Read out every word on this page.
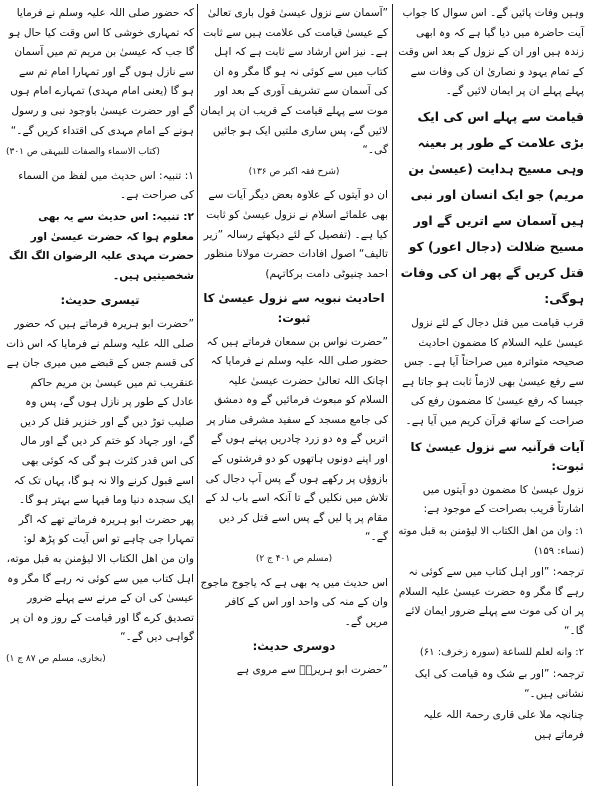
وہیں وفات پائیں گے۔ اس سوال کا جواب آیت حاضرہ میں دیا گیا ہے کہ وہ ابھی زندہ ہیں اور ان کے نزول کے بعد اس وقت کے تمام یہود و نصاریٰ ان کی وفات سے پہلے پہلے ان پر ایمان لائیں گے۔

قیامت سے پہلے اس کی ایک بڑی علامت کے طور پر بعینہ وہی مسیح ہدایت (عیسیٰ بن مریم) جو ایک انسان اور نبی ہیں آسمان سے اتریں گے اور مسیح ضلالت (دجال اعور) کو قتل کریں گے پھر ان کی وفات ہوگی:

قرب قیامت میں قتل دجال کے لئے نزول عیسیٰ علیہ السلام کا مضمون احادیث صحیحہ متواترہ میں صراحتاً آیا ہے۔ جس سے رفع عیسیٰ بھی لازماً ثابت ہو جاتا ہے جیسا کہ رفع عیسیٰ کا مضمون رفع کی صراحت کے ساتھ قرآن کریم میں آیا ہے۔

آیات قرآنیہ سے نزول عیسیٰ کا ثبوت:

نزول عیسیٰ کا مضمون دو آیتوں میں اشارتاً قریب بصراحت کے موجود ہے:

۱: وان من اهل الكتاب الا ليؤمنن به قبل موته (نساء: ۱۵۹)

ترجمہ: ”اور اہل کتاب میں سے کوئی نہ رہے گا مگر وہ حضرت عیسیٰ علیہ السلام پر ان کی موت سے پہلے ضرور ایمان لائے گا۔“

۲: وانه لعلم للساعة (سورہ زخرف: ۶۱)

ترجمہ: ”اور بے شک وہ قیامت کی ایک نشانی ہیں۔“

چنانچہ ملا علی قاری رحمۃ اللہ علیہ فرماتے ہیں

”آسمان سے نزول عیسیٰ قول باری تعالیٰ کے عیسیٰ قیامت کی علامت ہیں سے ثابت ہے۔ نیز اس ارشاد سے ثابت ہے کہ اہل کتاب میں سے کوئی نہ ہو گا مگر وہ ان کی آسمان سے تشریف آوری کے بعد اور موت سے پہلے قیامت کے قریب ان پر ایمان لائیں گے، پس ساری ملتیں ایک ہو جائیں گی۔“

(شرح فقہ اکبر ص ۱۳۶)

ان دو آیتوں کے علاوہ بعض دیگر آیات سے بھی علمائے اسلام نے نزول عیسیٰ کو ثابت کیا ہے۔ (تفصیل کے لئے دیکھئے رسالہ ”زیر تالیف“ اصول افادات حضرت مولانا منظور احمد چنیوٹی دامت برکاتہم)

احادیث نبویہ سے نزول عیسیٰ کا ثبوت:

”حضرت نواس بن سمعان فرماتے ہیں کہ حضور صلی اللہ علیہ وسلم نے فرمایا کہ اچانک اللہ تعالیٰ حضرت عیسیٰ علیہ السلام کو مبعوث فرمائیں گے وہ دمشق کی جامع مسجد کے سفید مشرقی منار پر اتریں گے وہ دو زرد چادریں پہنے ہوں گے اور اپنے دونوں ہاتھوں کو دو فرشتوں کے بازوؤں پر رکھے ہوں گے پس آپ دجال کی تلاش میں نکلیں گے تا آنکہ اسے باب لد کے مقام پر پا لیں گے پس اسے قتل کر دیں گے۔“

(مسلم ص ۴۰۱ ج ۲)

اس حدیث میں یہ بھی ہے کہ یاجوج ماجوج وان کے منہ کی واحد اور اس کے کافر مریں گے۔

دوسری حدیث:

”حضرت ابو ہریرہؓ سے مروی ہے

کہ حضور صلی اللہ علیہ وسلم نے فرمایا کہ تمہاری خوشی کا اس وقت کیا حال ہو گا جب کہ عیسیٰ بن مریم تم میں آسمان سے نازل ہوں گے اور تمہارا امام تم سے ہو گا (یعنی امام مہدی) تمہارے امام ہوں گے اور حضرت عیسیٰ باوجود نبی و رسول ہونے کے امام مہدی کی اقتداء کریں گے۔“

(کتاب الاسماء والصفات للبیہقی ص ۳۰۱)

۱: تنبیہ: اس حدیث میں لفظ من السماء کی صراحت ہے۔

۲: تنبیہ: اس حدیث سے یہ بھی معلوم ہوا کہ حضرت عیسیٰ اور حضرت مہدی علیہ الرضوان الگ الگ شخصیتیں ہیں۔

تیسری حدیث:

”حضرت ابو ہریرہ فرماتے ہیں کہ حضور صلی اللہ علیہ وسلم نے فرمایا کہ اس ذات کی قسم جس کے قبضے میں میری جان ہے عنقریب تم میں عیسیٰ بن مریم حاکم عادل کے طور پر نازل ہوں گے، پس وہ صلیب توڑ دیں گے اور خنزیر قتل کر دیں گے، اور جہاد کو ختم کر دیں گے اور مال کی اس قدر کثرت ہو گی کہ کوئی بھی اسے قبول کرنے والا نہ ہو گا، یہاں تک کہ ایک سجدہ دنیا وما فیہا سے بہتر ہو گا۔ پھر حضرت ابو ہریرہ فرماتے تھے کہ اگر تمہارا جی چاہے تو اس آیت کو پڑھ لو: وان من اهل الكتاب الا ليؤمنن به قبل موته، اہل کتاب میں سے کوئی نہ رہے گا مگر وہ عیسیٰ کی ان کے مرنے سے پہلے ضرور تصدیق کرے گا اور قیامت کے روز وہ ان پر گواہی دیں گے۔“

(بخاری، مسلم ص ۸۷ ج ۱)
